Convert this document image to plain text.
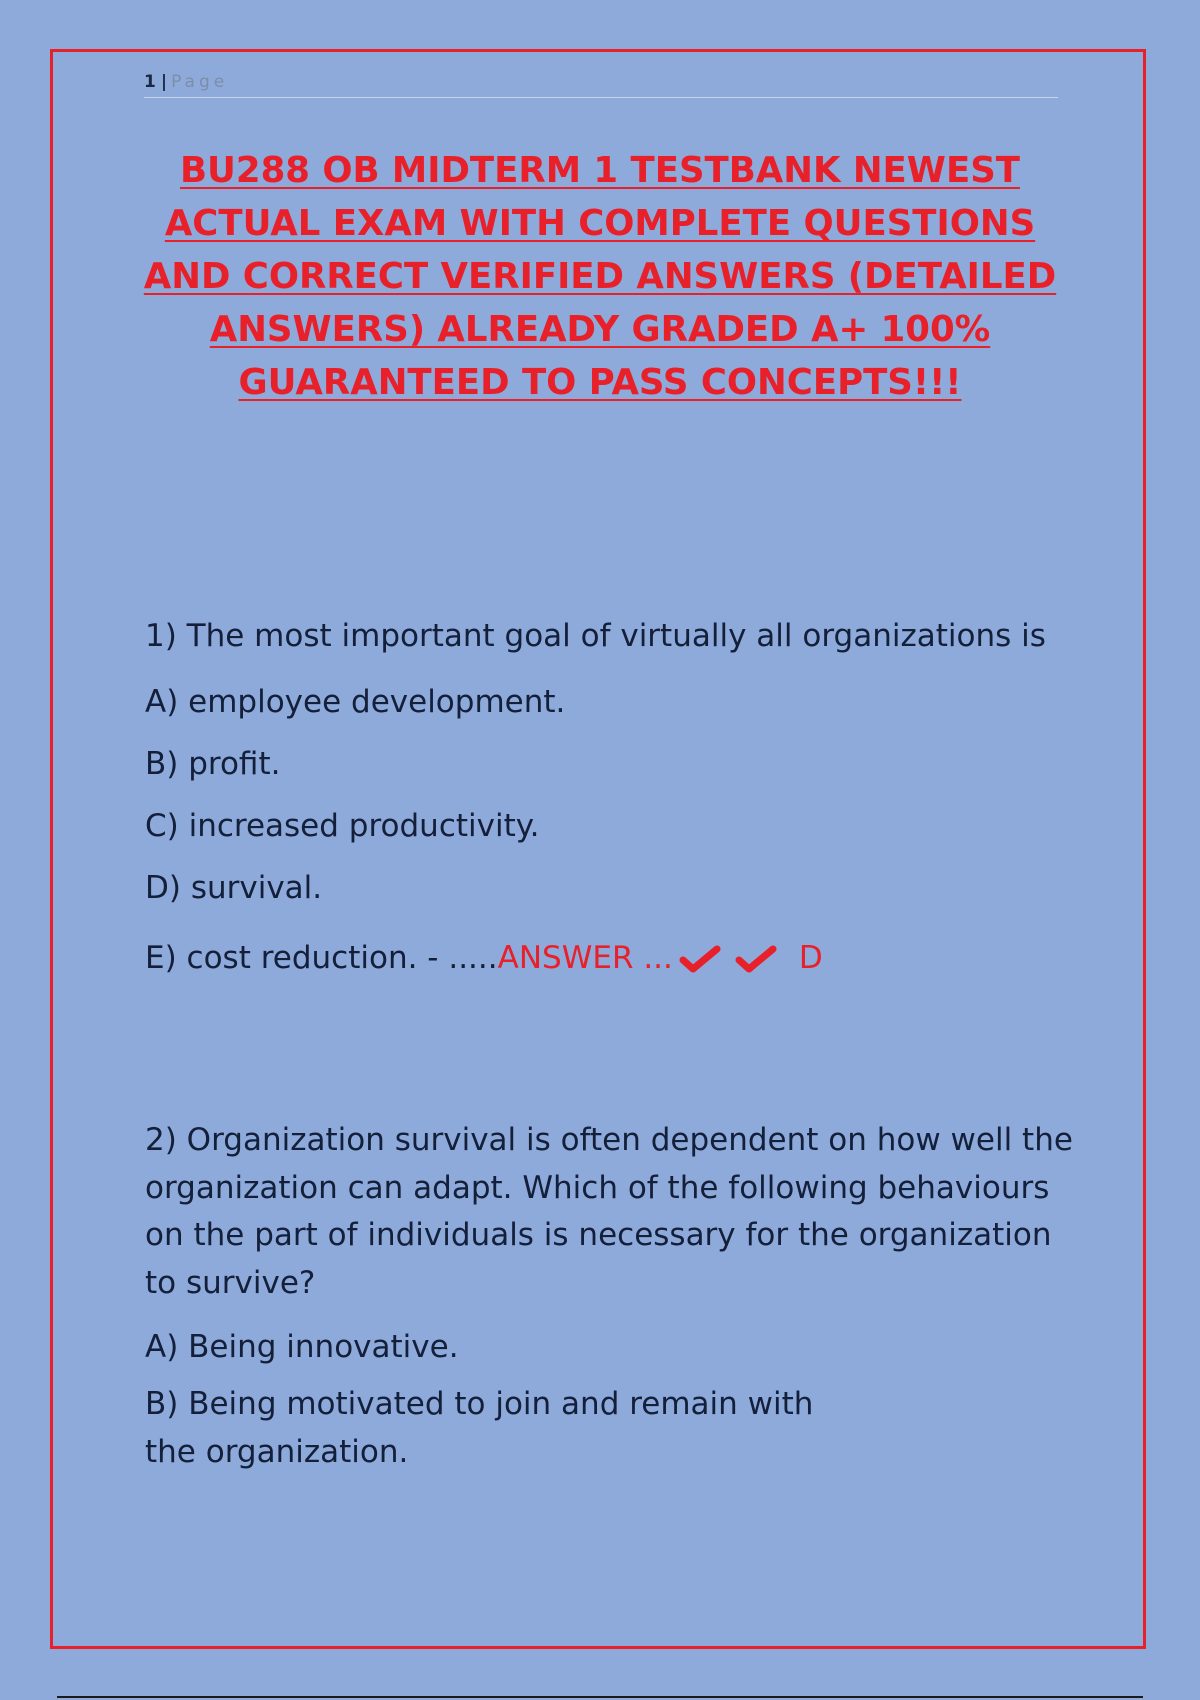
1 | Page
BU288 OB MIDTERM 1 TESTBANK NEWEST
ACTUAL EXAM WITH COMPLETE QUESTIONS
AND CORRECT VERIFIED ANSWERS (DETAILED
ANSWERS) ALREADY GRADED A+ 100%
GUARANTEED TO PASS CONCEPTS!!!

1) The most important goal of virtually all organizations is

A) employee development.

B) profit.

C) increased productivity.

D) survival.

E) cost reduction. - .....ANSWER ...	D

2) Organization survival is often dependent on how well the organization can adapt. Which of the following behaviours on the part of individuals is necessary for the organization to survive?

A) Being innovative.

B) Being motivated to join and remain with the organization.
